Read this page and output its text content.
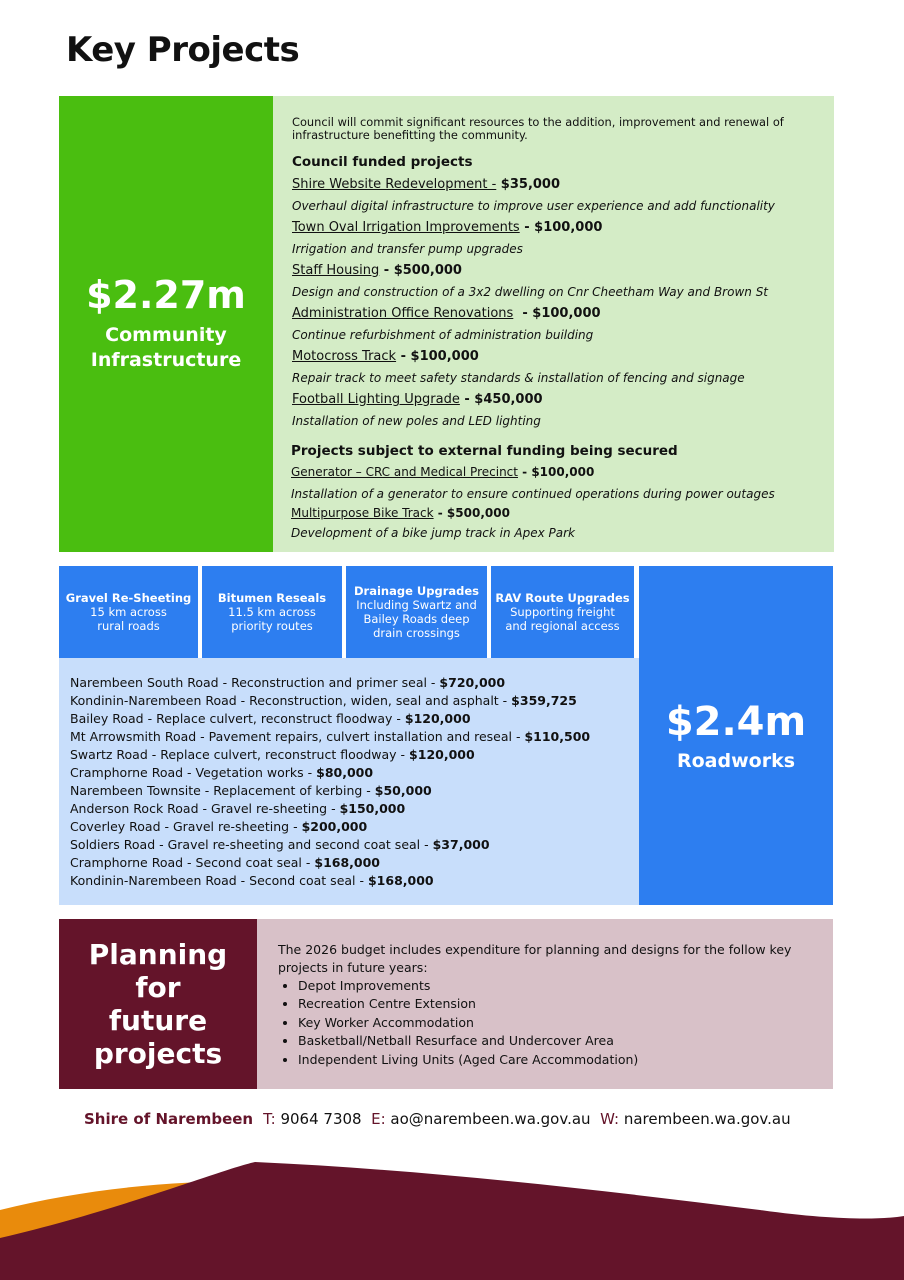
Key Projects
$2.27m
Community
Infrastructure
Council will commit significant resources to the addition, improvement and renewal of infrastructure benefitting the community.
Council funded projects
Shire Website Redevelopment - $35,000
Overhaul digital infrastructure to improve user experience and add functionality
Town Oval Irrigation Improvements - $100,000
Irrigation and transfer pump upgrades
Staff Housing - $500,000
Design and construction of a 3x2 dwelling on Cnr Cheetham Way and Brown St
Administration Office Renovations  - $100,000
Continue refurbishment of administration building
Motocross Track - $100,000
Repair track to meet safety standards & installation of fencing and signage
Football Lighting Upgrade - $450,000
Installation of new poles and LED lighting
Projects subject to external funding being secured
Generator – CRC and Medical Precinct - $100,000
Installation of a generator to ensure continued operations during power outages
Multipurpose Bike Track - $500,000
Development of a bike jump track in Apex Park
Gravel Re-Sheeting
15 km across rural roads
Bitumen Reseals
11.5 km across priority routes
Drainage Upgrades
Including Swartz and Bailey Roads deep drain crossings
RAV Route Upgrades
Supporting freight and regional access
Narembeen South Road - Reconstruction and primer seal - $720,000
Kondinin-Narembeen Road - Reconstruction, widen, seal and asphalt - $359,725
Bailey Road - Replace culvert, reconstruct floodway - $120,000
Mt Arrowsmith Road - Pavement repairs, culvert installation and reseal - $110,500
Swartz Road - Replace culvert, reconstruct floodway - $120,000
Cramphorne Road - Vegetation works - $80,000
Narembeen Townsite - Replacement of kerbing - $50,000
Anderson Rock Road - Gravel re-sheeting - $150,000
Coverley Road - Gravel re-sheeting - $200,000
Soldiers Road - Gravel re-sheeting and second coat seal - $37,000
Cramphorne Road - Second coat seal - $168,000
Kondinin-Narembeen Road - Second coat seal - $168,000
$2.4m
Roadworks
Planning
for
future
projects
The 2026 budget includes expenditure for planning and designs for the follow key projects in future years:
• Depot Improvements
• Recreation Centre Extension
• Key Worker Accommodation
• Basketball/Netball Resurface and Undercover Area
• Independent Living Units (Aged Care Accommodation)
Shire of Narembeen T: 9064 7308  E: ao@narembeen.wa.gov.au  W: narembeen.wa.gov.au
